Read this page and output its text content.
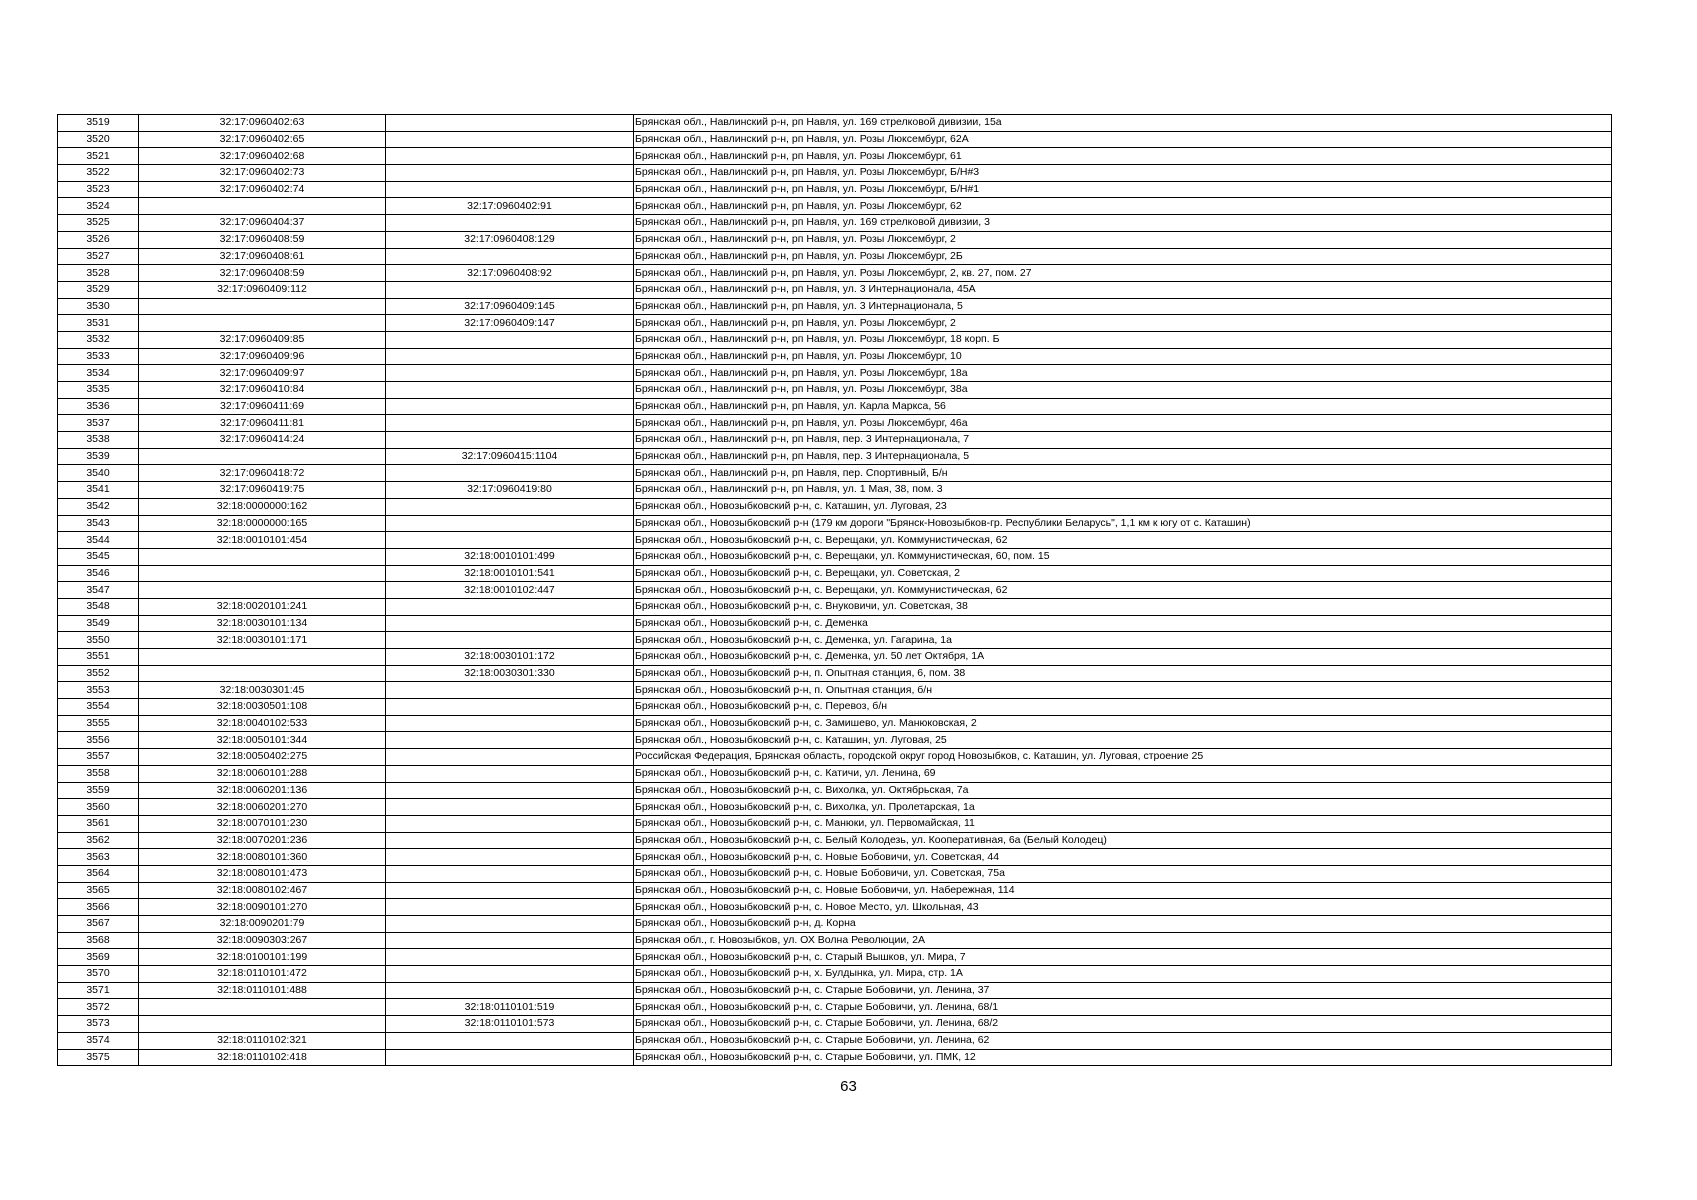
3519	32:17:0960402:63		Брянская обл., Навлинский р-н, рп Навля, ул. 169 стрелковой дивизии, 15а
3520	32:17:0960402:65		Брянская обл., Навлинский р-н, рп Навля, ул. Розы Люксембург, 62А
3521	32:17:0960402:68		Брянская обл., Навлинский р-н, рп Навля, ул. Розы Люксембург, 61
3522	32:17:0960402:73		Брянская обл., Навлинский р-н, рп Навля, ул. Розы Люксембург, Б/Н#3
3523	32:17:0960402:74		Брянская обл., Навлинский р-н, рп Навля, ул. Розы Люксембург, Б/Н#1
3524		32:17:0960402:91	Брянская обл., Навлинский р-н, рп Навля, ул. Розы Люксембург, 62
3525	32:17:0960404:37		Брянская обл., Навлинский р-н, рп Навля, ул. 169 стрелковой дивизии, 3
3526	32:17:0960408:59	32:17:0960408:129	Брянская обл., Навлинский р-н, рп Навля, ул. Розы Люксембург, 2
3527	32:17:0960408:61		Брянская обл., Навлинский р-н, рп Навля, ул. Розы Люксембург, 2Б
3528	32:17:0960408:59	32:17:0960408:92	Брянская обл., Навлинский р-н, рп Навля, ул. Розы Люксембург, 2, кв. 27, пом. 27
3529	32:17:0960409:112		Брянская обл., Навлинский р-н, рп Навля, ул. 3 Интернационала, 45А
3530		32:17:0960409:145	Брянская обл., Навлинский р-н, рп Навля, ул. 3 Интернационала, 5
3531		32:17:0960409:147	Брянская обл., Навлинский р-н, рп Навля, ул. Розы Люксембург, 2
3532	32:17:0960409:85		Брянская обл., Навлинский р-н, рп Навля, ул. Розы Люксембург, 18 корп. Б
3533	32:17:0960409:96		Брянская обл., Навлинский р-н, рп Навля, ул. Розы Люксембург, 10
3534	32:17:0960409:97		Брянская обл., Навлинский р-н, рп Навля, ул. Розы Люксембург, 18а
3535	32:17:0960410:84		Брянская обл., Навлинский р-н, рп Навля, ул. Розы Люксембург, 38а
3536	32:17:0960411:69		Брянская обл., Навлинский р-н, рп Навля, ул. Карла Маркса, 56
3537	32:17:0960411:81		Брянская обл., Навлинский р-н, рп Навля, ул. Розы Люксембург, 46а
3538	32:17:0960414:24		Брянская обл., Навлинский р-н, рп Навля, пер. 3 Интернационала, 7
3539		32:17:0960415:1104	Брянская обл., Навлинский р-н, рп Навля, пер. 3 Интернационала, 5
3540	32:17:0960418:72		Брянская обл., Навлинский р-н, рп Навля, пер. Спортивный, Б/н
3541	32:17:0960419:75	32:17:0960419:80	Брянская обл., Навлинский р-н, рп Навля, ул. 1 Мая, 38, пом. 3
3542	32:18:0000000:162		Брянская обл., Новозыбковский р-н, с. Каташин, ул. Луговая, 23
3543	32:18:0000000:165		Брянская обл., Новозыбковский р-н (179 км дороги "Брянск-Новозыбков-гр. Республики Беларусь", 1,1 км к югу от с. Каташин)
3544	32:18:0010101:454		Брянская обл., Новозыбковский р-н, с. Верещаки, ул. Коммунистическая, 62
3545		32:18:0010101:499	Брянская обл., Новозыбковский р-н, с. Верещаки, ул. Коммунистическая, 60, пом. 15
3546		32:18:0010101:541	Брянская обл., Новозыбковский р-н, с. Верещаки, ул. Советская, 2
3547		32:18:0010102:447	Брянская обл., Новозыбковский р-н, с. Верещаки, ул. Коммунистическая, 62
3548	32:18:0020101:241		Брянская обл., Новозыбковский р-н, с. Внуковичи, ул. Советская, 38
3549	32:18:0030101:134		Брянская обл., Новозыбковский р-н, с. Деменка
3550	32:18:0030101:171		Брянская обл., Новозыбковский р-н, с. Деменка, ул. Гагарина, 1а
3551		32:18:0030101:172	Брянская обл., Новозыбковский р-н, с. Деменка, ул. 50 лет Октября, 1А
3552		32:18:0030301:330	Брянская обл., Новозыбковский р-н, п. Опытная станция, 6, пом. 38
3553	32:18:0030301:45		Брянская обл., Новозыбковский р-н, п. Опытная станция, б/н
3554	32:18:0030501:108		Брянская обл., Новозыбковский р-н, с. Перевоз, б/н
3555	32:18:0040102:533		Брянская обл., Новозыбковский р-н, с. Замишево, ул. Манюковская, 2
3556	32:18:0050101:344		Брянская обл., Новозыбковский р-н, с. Каташин, ул. Луговая, 25
3557	32:18:0050402:275		Российская Федерация, Брянская область, городской округ город Новозыбков, с. Каташин, ул. Луговая, строение 25
3558	32:18:0060101:288		Брянская обл., Новозыбковский р-н, с. Катичи, ул. Ленина, 69
3559	32:18:0060201:136		Брянская обл., Новозыбковский р-н, с. Вихолка, ул. Октябрьская, 7а
3560	32:18:0060201:270		Брянская обл., Новозыбковский р-н, с. Вихолка, ул. Пролетарская, 1а
3561	32:18:0070101:230		Брянская обл., Новозыбковский р-н, с. Манюки, ул. Первомайская, 11
3562	32:18:0070201:236		Брянская обл., Новозыбковский р-н, с. Белый Колодезь, ул. Кооперативная, 6а (Белый Колодец)
3563	32:18:0080101:360		Брянская обл., Новозыбковский р-н, с. Новые Бобовичи, ул. Советская, 44
3564	32:18:0080101:473		Брянская обл., Новозыбковский р-н, с. Новые Бобовичи, ул. Советская, 75а
3565	32:18:0080102:467		Брянская обл., Новозыбковский р-н, с. Новые Бобовичи, ул. Набережная, 114
3566	32:18:0090101:270		Брянская обл., Новозыбковский р-н, с. Новое Место, ул. Школьная, 43
3567	32:18:0090201:79		Брянская обл., Новозыбковский р-н, д. Корна
3568	32:18:0090303:267		Брянская обл., г. Новозыбков, ул. ОХ Волна Революции, 2А
3569	32:18:0100101:199		Брянская обл., Новозыбковский р-н, с. Старый Вышков, ул. Мира, 7
3570	32:18:0110101:472		Брянская обл., Новозыбковский р-н, х. Булдынка, ул. Мира, стр. 1А
3571	32:18:0110101:488		Брянская обл., Новозыбковский р-н, с. Старые Бобовичи, ул. Ленина, 37
3572		32:18:0110101:519	Брянская обл., Новозыбковский р-н, с. Старые Бобовичи, ул. Ленина, 68/1
3573		32:18:0110101:573	Брянская обл., Новозыбковский р-н, с. Старые Бобовичи, ул. Ленина, 68/2
3574	32:18:0110102:321		Брянская обл., Новозыбковский р-н, с. Старые Бобовичи, ул. Ленина, 62
3575	32:18:0110102:418		Брянская обл., Новозыбковский р-н, с. Старые Бобовичи, ул. ПМК, 12
63
